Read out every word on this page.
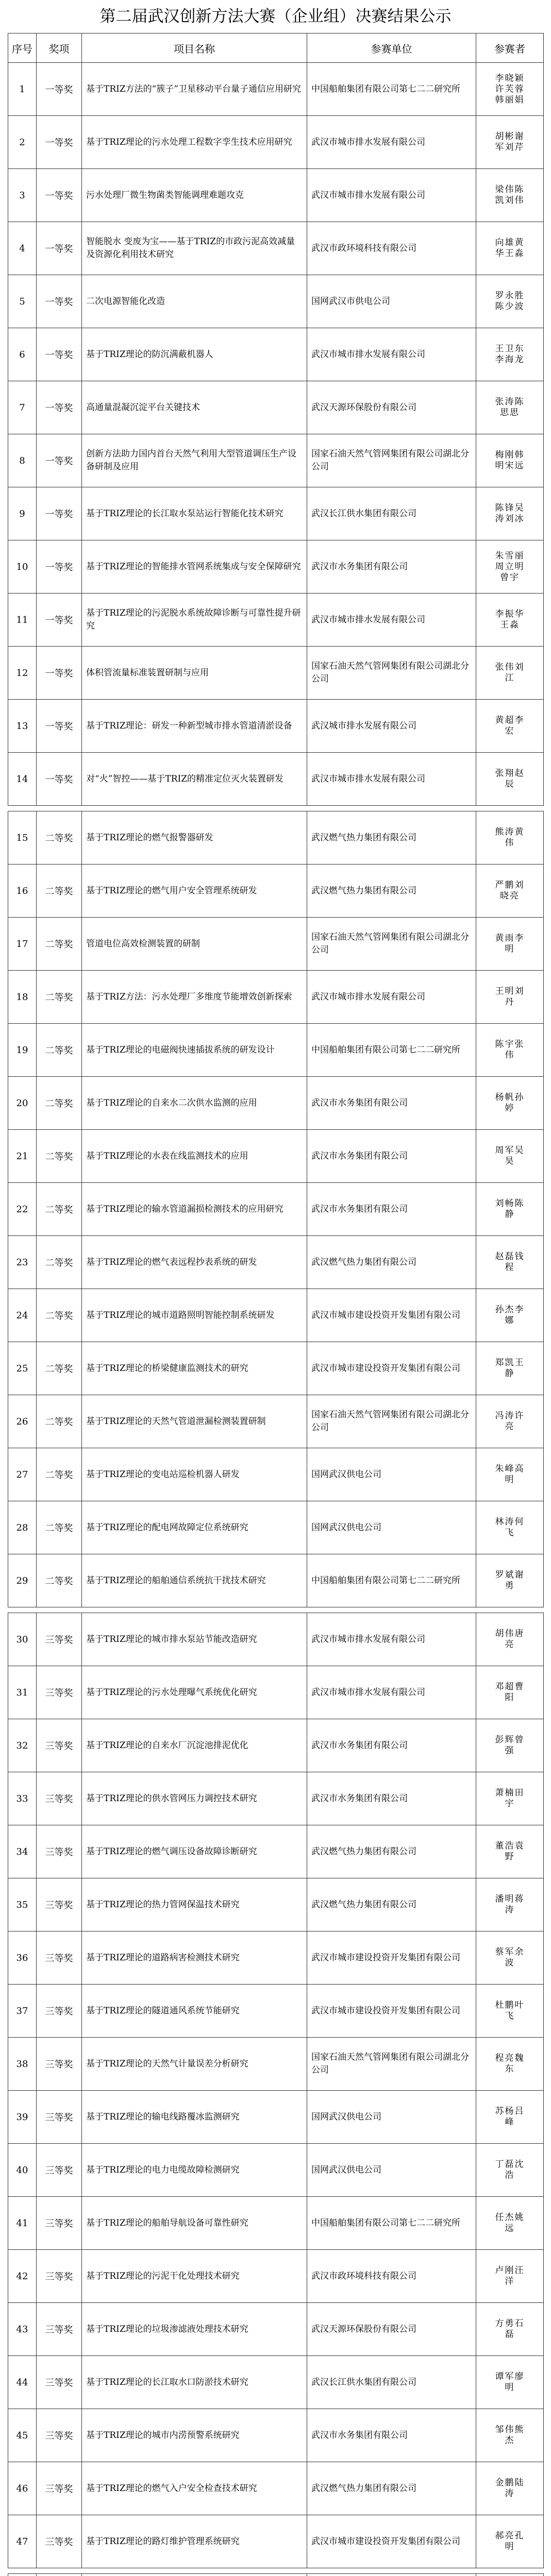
第二届武汉创新方法大赛（企业组）决赛结果公示
序号	奖项	项目名称	参赛单位	参赛者
1	一等奖	基于TRIZ方法的“簇子”卫星移动平台量子通信应用研究	中国船舶集团有限公司第七二二研究所	李晓颖许芙蓉韩丽娟

2	一等奖	基于TRIZ理论的污水处理工程数字孪生技术应用研究	武汉市城市排水发展有限公司	胡彬谢军刘芹

3	一等奖	污水处理厂微生物菌类智能调理难题攻克	武汉市城市排水发展有限公司	梁伟陈凯刘伟

4	一等奖	智能脱水 变废为宝——基于TRIZ的市政污泥高效减量及资源化利用技术研究	武汉市政环境科技有限公司	向雄黄华王淼

5	一等奖	二次电源智能化改造	国网武汉市供电公司	罗永胜陈少波

6	一等奖	基于TRIZ理论的防沉满蔽机器人	武汉市城市排水发展有限公司	王卫东李海龙

7	一等奖	高通量混凝沉淀平台关键技术	武汉天源环保股份有限公司	张涛陈思思

8	一等奖	创新方法助力国内首台天然气利用大型管道调压生产设备研制及应用	国家石油天然气管网集团有限公司湖北分公司	梅刚韩明宋远

9	一等奖	基于TRIZ理论的长江取水泵站运行智能化技术研究	武汉长江供水集团有限公司	陈锋吴涛刘冰

10	一等奖	基于TRIZ理论的智能排水管网系统集成与安全保障研究	武汉市水务集团有限公司	朱雪丽周立明曾宇

11	一等奖	基于TRIZ理论的污泥脱水系统故障诊断与可靠性提升研究	武汉市城市排水发展有限公司	李振华王淼

12	一等奖	体积管流量标准装置研制与应用	国家石油天然气管网集团有限公司湖北分公司	张伟刘江

13	一等奖	基于TRIZ理论：研发一种新型城市排水管道清淤设备	武汉城市排水发展有限公司	黄超李宏

14	一等奖	对“火”智控——基于TRIZ的精准定位灭火装置研发	武汉市城市排水发展有限公司	张翔赵辰

15	二等奖	基于TRIZ理论的燃气报警器研发	武汉燃气热力集团有限公司	熊涛黄伟

16	二等奖	基于TRIZ理论的燃气用户安全管理系统研发	武汉燃气热力集团有限公司	严鹏刘晓亮

17	二等奖	管道电位高效检测装置的研制	国家石油天然气管网集团有限公司湖北分公司	黄雨李明

18	二等奖	基于TRIZ方法：污水处理厂多维度节能增效创新探索	武汉市城市排水发展有限公司	王明刘丹

19	二等奖	基于TRIZ理论的电磁阀快速插拔系统的研发设计	中国船舶集团有限公司第七二二研究所	陈宇张伟

20	二等奖	基于TRIZ理论的自来水二次供水监测的应用	武汉市水务集团有限公司	杨帆孙婷

21	二等奖	基于TRIZ理论的水表在线监测技术的应用	武汉市水务集团有限公司	周军吴昊

22	二等奖	基于TRIZ理论的输水管道漏损检测技术的应用研究	武汉市水务集团有限公司	刘畅陈静

23	二等奖	基于TRIZ理论的燃气表远程抄表系统的研发	武汉燃气热力集团有限公司	赵磊钱程

24	二等奖	基于TRIZ理论的城市道路照明智能控制系统研发	武汉市城市建设投资开发集团有限公司	孙杰李娜

25	二等奖	基于TRIZ理论的桥梁健康监测技术的研究	武汉市城市建设投资开发集团有限公司	郑凯王静

26	二等奖	基于TRIZ理论的天然气管道泄漏检测装置研制	国家石油天然气管网集团有限公司湖北分公司	冯涛许亮

27	二等奖	基于TRIZ理论的变电站巡检机器人研发	国网武汉供电公司	朱峰高明

28	二等奖	基于TRIZ理论的配电网故障定位系统研究	国网武汉供电公司	林涛何飞

29	二等奖	基于TRIZ理论的船舶通信系统抗干扰技术研究	中国船舶集团有限公司第七二二研究所	罗斌谢勇

30	三等奖	基于TRIZ理论的城市排水泵站节能改造研究	武汉市城市排水发展有限公司	胡伟唐亮

31	三等奖	基于TRIZ理论的污水处理曝气系统优化研究	武汉市城市排水发展有限公司	邓超曹阳

32	三等奖	基于TRIZ理论的自来水厂沉淀池排泥优化	武汉市水务集团有限公司	彭辉曾强

33	三等奖	基于TRIZ理论的供水管网压力调控技术研究	武汉市水务集团有限公司	萧楠田宇

34	三等奖	基于TRIZ理论的燃气调压设备故障诊断研究	武汉燃气热力集团有限公司	董浩袁野

35	三等奖	基于TRIZ理论的热力管网保温技术研究	武汉燃气热力集团有限公司	潘明蒋涛

36	三等奖	基于TRIZ理论的道路病害检测技术研究	武汉市城市建设投资开发集团有限公司	蔡军余波

37	三等奖	基于TRIZ理论的隧道通风系统节能研究	武汉市城市建设投资开发集团有限公司	杜鹏叶飞

38	三等奖	基于TRIZ理论的天然气计量误差分析研究	国家石油天然气管网集团有限公司湖北分公司	程亮魏东

39	三等奖	基于TRIZ理论的输电线路覆冰监测研究	国网武汉供电公司	苏杨吕峰

40	三等奖	基于TRIZ理论的电力电缆故障检测研究	国网武汉供电公司	丁磊沈浩

41	三等奖	基于TRIZ理论的船舶导航设备可靠性研究	中国船舶集团有限公司第七二二研究所	任杰姚远

42	三等奖	基于TRIZ理论的污泥干化处理技术研究	武汉市政环境科技有限公司	卢刚汪洋

43	三等奖	基于TRIZ理论的垃圾渗滤液处理技术研究	武汉天源环保股份有限公司	方勇石磊

44	三等奖	基于TRIZ理论的长江取水口防淤技术研究	武汉长江供水集团有限公司	谭军廖明

45	三等奖	基于TRIZ理论的城市内涝预警系统研究	武汉市水务集团有限公司	邹伟熊杰

46	三等奖	基于TRIZ理论的燃气入户安全检查技术研究	武汉燃气热力集团有限公司	金鹏陆涛

47	三等奖	基于TRIZ理论的路灯维护管理系统研究	武汉市城市建设投资开发集团有限公司	郝亮孔明
